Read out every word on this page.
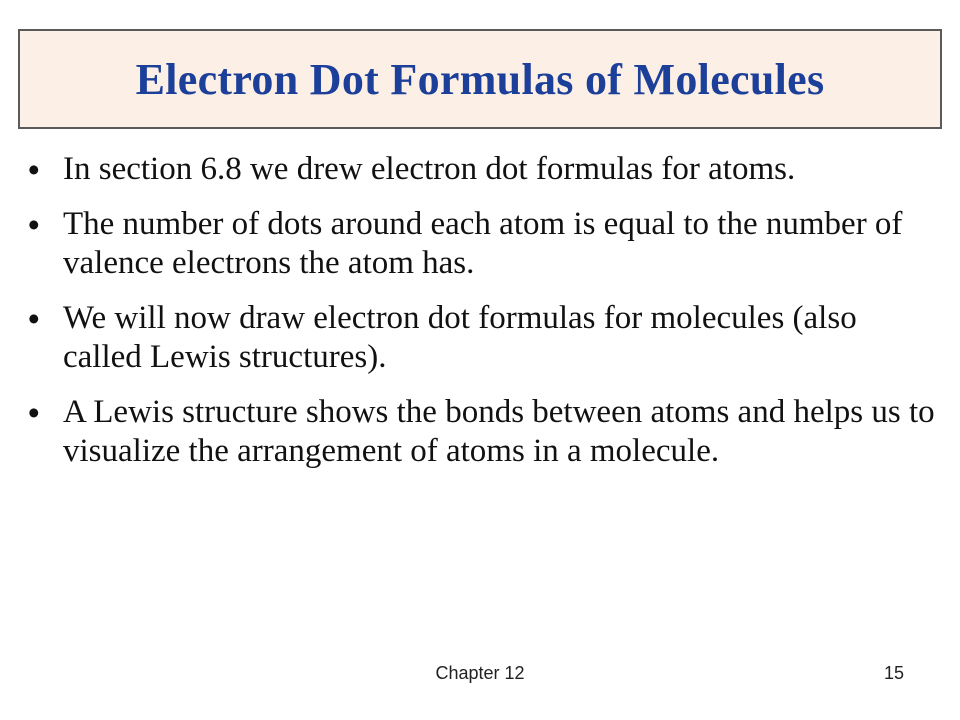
Electron Dot Formulas of Molecules
• In section 6.8 we drew electron dot formulas for atoms.
• The number of dots around each atom is equal to the number of valence electrons the atom has.
• We will now draw electron dot formulas for molecules (also called Lewis structures).
• A Lewis structure shows the bonds between atoms and helps us to visualize the arrangement of atoms in a molecule.
Chapter 12	15
